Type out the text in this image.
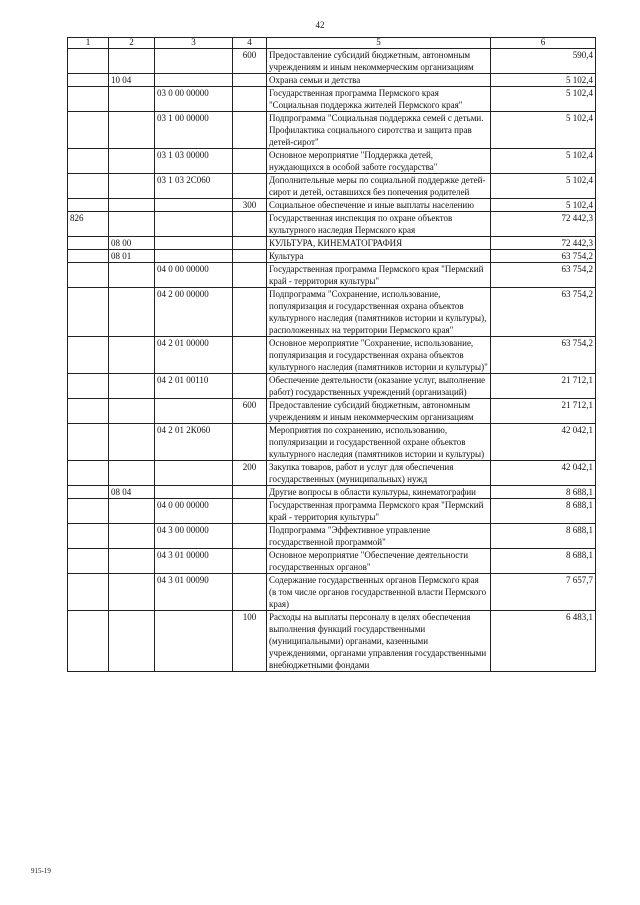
42
1	2	3	4	5	6
			600	Предоставление субсидий бюджетным, автономным учреждениям и иным некоммерческим организациям	590,4
	10 04			Охрана семьи и детства	5 102,4
		03 0 00 00000		Государственная программа Пермского края "Социальная поддержка жителей Пермского края"	5 102,4
		03 1 00 00000		Подпрограмма "Социальная поддержка семей с детьми. Профилактика социального сиротства и защита прав детей-сирот"	5 102,4
		03 1 03 00000		Основное мероприятие "Поддержка детей, нуждающихся в особой заботе государства"	5 102,4
		03 1 03 2С060		Дополнительные меры по социальной поддержке детей-сирот и детей, оставшихся без попечения родителей	5 102,4
			300	Социальное обеспечение и иные выплаты населению	5 102,4
826				Государственная инспекция по охране объектов культурного наследия Пермского края	72 442,3
	08 00			КУЛЬТУРА, КИНЕМАТОГРАФИЯ	72 442,3
	08 01			Культура	63 754,2
		04 0 00 00000		Государственная программа Пермского края "Пермский край - территория культуры"	63 754,2
		04 2 00 00000		Подпрограмма "Сохранение, использование, популяризация и государственная охрана объектов культурного наследия (памятников истории и культуры), расположенных на территории Пермского края"	63 754,2
		04 2 01 00000		Основное мероприятие "Сохранение, использование, популяризация и государственная охрана объектов культурного наследия (памятников истории и культуры)"	63 754,2
		04 2 01 00110		Обеспечение деятельности (оказание услуг, выполнение работ) государственных учреждений (организаций)	21 712,1
			600	Предоставление субсидий бюджетным, автономным учреждениям и иным некоммерческим организациям	21 712,1
		04 2 01 2К060		Мероприятия по сохранению, использованию, популяризации и государственной охране объектов культурного наследия (памятников истории и культуры)	42 042,1
			200	Закупка товаров, работ и услуг для обеспечения государственных (муниципальных) нужд	42 042,1
	08 04			Другие вопросы в области культуры, кинематографии	8 688,1
		04 0 00 00000		Государственная программа Пермского края "Пермский край - территория культуры"	8 688,1
		04 3 00 00000		Подпрограмма "Эффективное управление государственной программой"	8 688,1
		04 3 01 00000		Основное мероприятие "Обеспечение деятельности государственных органов"	8 688,1
		04 3 01 00090		Содержание государственных органов Пермского края (в том числе органов государственной власти Пермского края)	7 657,7
			100	Расходы на выплаты персоналу в целях обеспечения выполнения функций государственными (муниципальными) органами, казенными учреждениями, органами управления государственными внебюджетными фондами	6 483,1
915-19
